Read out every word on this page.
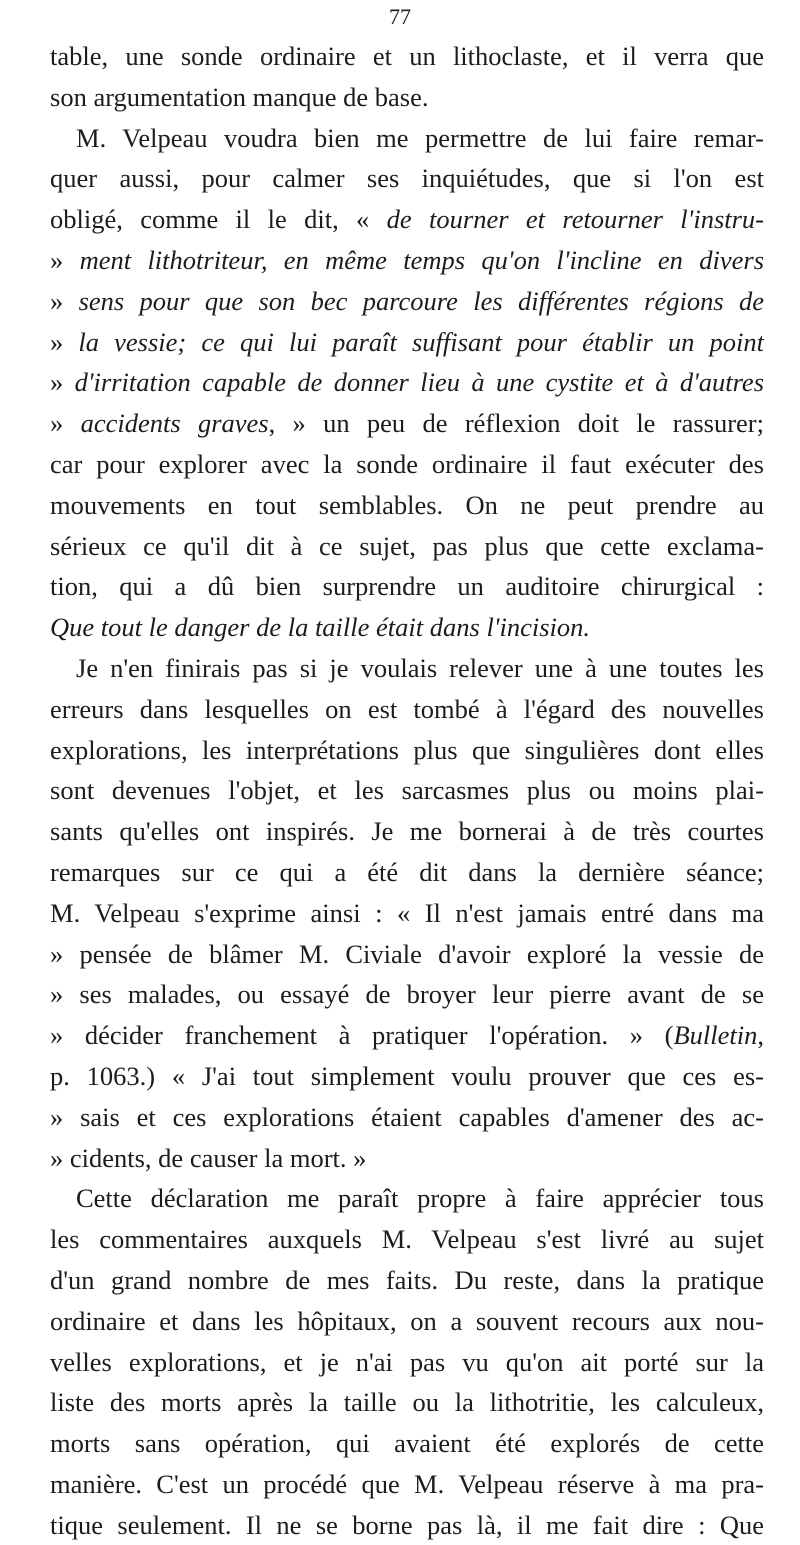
77
table, une sonde ordinaire et un lithoclaste, et il verra que
son argumentation manque de base.
M. Velpeau voudra bien me permettre de lui faire remar-
quer aussi, pour calmer ses inquiétudes, que si l'on est
obligé, comme il le dit, « de tourner et retourner l'instru-
» ment lithotriteur, en même temps qu'on l'incline en divers
» sens pour que son bec parcoure les différentes régions de
» la vessie; ce qui lui paraît suffisant pour établir un point
» d'irritation capable de donner lieu à une cystite et à d'autres
» accidents graves, » un peu de réflexion doit le rassurer;
car pour explorer avec la sonde ordinaire il faut exécuter des
mouvements en tout semblables. On ne peut prendre au
sérieux ce qu'il dit à ce sujet, pas plus que cette exclama-
tion, qui a dû bien surprendre un auditoire chirurgical :
Que tout le danger de la taille était dans l'incision.
Je n'en finirais pas si je voulais relever une à une toutes les
erreurs dans lesquelles on est tombé à l'égard des nouvelles
explorations, les interprétations plus que singulières dont elles
sont devenues l'objet, et les sarcasmes plus ou moins plai-
sants qu'elles ont inspirés. Je me bornerai à de très courtes
remarques sur ce qui a été dit dans la dernière séance;
M. Velpeau s'exprime ainsi : « Il n'est jamais entré dans ma
» pensée de blâmer M. Civiale d'avoir exploré la vessie de
» ses malades, ou essayé de broyer leur pierre avant de se
» décider franchement à pratiquer l'opération. » (Bulletin,
p. 1063.) « J'ai tout simplement voulu prouver que ces es-
» sais et ces explorations étaient capables d'amener des ac-
» cidents, de causer la mort. »
Cette déclaration me paraît propre à faire apprécier tous
les commentaires auxquels M. Velpeau s'est livré au sujet
d'un grand nombre de mes faits. Du reste, dans la pratique
ordinaire et dans les hôpitaux, on a souvent recours aux nou-
velles explorations, et je n'ai pas vu qu'on ait porté sur la
liste des morts après la taille ou la lithotritie, les calculeux,
morts sans opération, qui avaient été explorés de cette
manière. C'est un procédé que M. Velpeau réserve à ma pra-
tique seulement. Il ne se borne pas là, il me fait dire : Que
